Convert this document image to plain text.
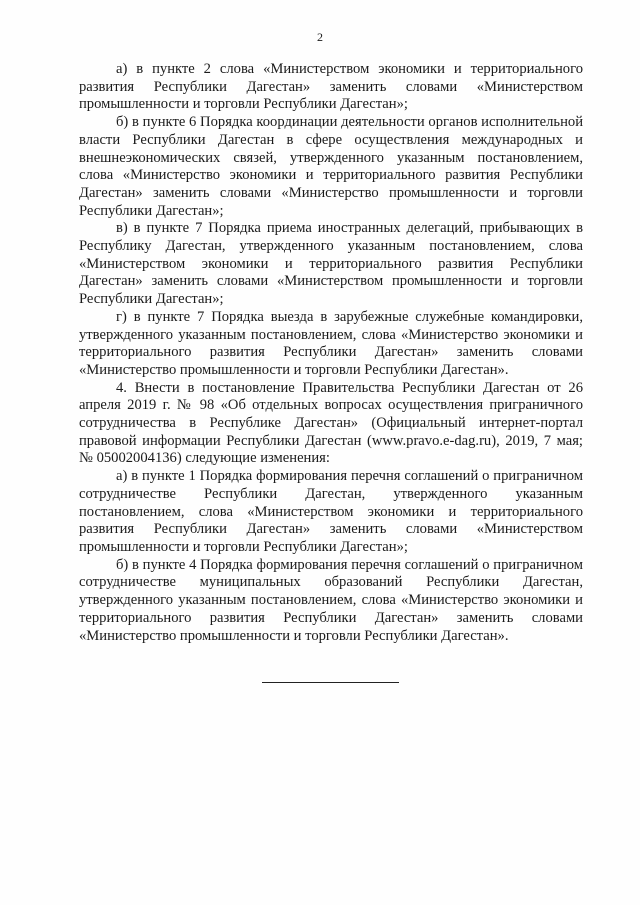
2

а) в пункте 2 слова «Министерством экономики и территориального развития Республики Дагестан» заменить словами «Министерством промышленности и торговли Республики Дагестан»;

б) в пункте 6 Порядка координации деятельности органов исполнительной власти Республики Дагестан в сфере осуществления международных и внешнеэкономических связей, утвержденного указанным постановлением, слова «Министерство экономики и территориального развития Республики Дагестан» заменить словами «Министерство промышленности и торговли Республики Дагестан»;

в) в пункте 7 Порядка приема иностранных делегаций, прибывающих в Республику Дагестан, утвержденного указанным постановлением, слова «Министерством экономики и территориального развития Республики Дагестан» заменить словами «Министерством промышленности и торговли Республики Дагестан»;

г) в пункте 7 Порядка выезда в зарубежные служебные командировки, утвержденного указанным постановлением, слова «Министерство экономики и территориального развития Республики Дагестан» заменить словами «Министерство промышленности и торговли Республики Дагестан».

4. Внести в постановление Правительства Республики Дагестан от 26 апреля 2019 г. № 98 «Об отдельных вопросах осуществления приграничного сотрудничества в Республике Дагестан» (Официальный интернет-портал правовой информации Республики Дагестан (www.pravo.e-dag.ru), 2019, 7 мая; № 05002004136) следующие изменения:

а) в пункте 1 Порядка формирования перечня соглашений о приграничном сотрудничестве Республики Дагестан, утвержденного указанным постановлением, слова «Министерством экономики и территориального развития Республики Дагестан» заменить словами «Министерством промышленности и торговли Республики Дагестан»;

б) в пункте 4 Порядка формирования перечня соглашений о приграничном сотрудничестве муниципальных образований Республики Дагестан, утвержденного указанным постановлением, слова «Министерство экономики и территориального развития Республики Дагестан» заменить словами «Министерство промышленности и торговли Республики Дагестан».
